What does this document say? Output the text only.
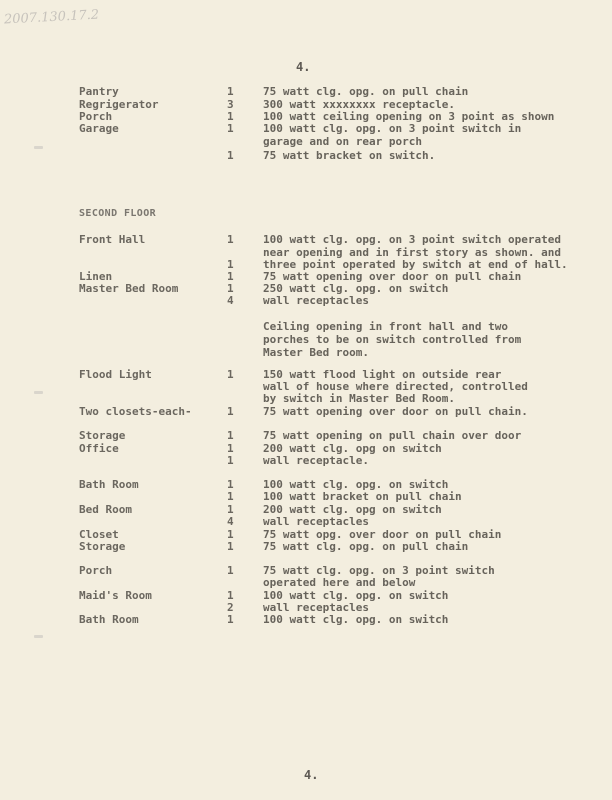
2007.130.17.2
4.
Pantry	1	75 watt clg. opg. on pull chain
Regrigerator	3	300 watt xxxxxxxx receptacle.
Porch	1	100 watt ceiling opening on 3 point as shown
Garage	1	100 watt clg. opg. on 3 point switch in
garage and on rear porch
1	75 watt bracket on switch.
SECOND FLOOR
Front Hall	1	100 watt clg. opg. on 3 point switch operated
near opening and in first story as shown. and
1	three point operated by switch at end of hall.
Linen	1	75 watt opening over door on pull chain
Master Bed Room	1	250 watt clg. opg. on switch
4	wall receptacles
Ceiling opening in front hall and two
porches to be on switch controlled from
Master Bed room.
Flood Light	1	150 watt flood light on outside rear
wall of house where directed, controlled
by switch in Master Bed Room.
Two closets-each-	1	75 watt opening over door on pull chain.
Storage	1	75 watt opening on pull chain over door
Office	1	200 watt clg. opg on switch
1	wall receptacle.
Bath Room	1	100 watt clg. opg. on switch
1	100 watt bracket on pull chain
Bed Room	1	200 watt clg. opg on switch
4	wall receptacles
Closet	1	75 watt opg. over door on pull chain
Storage	1	75 watt clg. opg. on pull chain
Porch	1	75 watt clg. opg. on 3 point switch
operated here and below
Maid's Room	1	100 watt clg. opg. on switch
2	wall receptacles
Bath Room	1	100 watt clg. opg. on switch
4.
